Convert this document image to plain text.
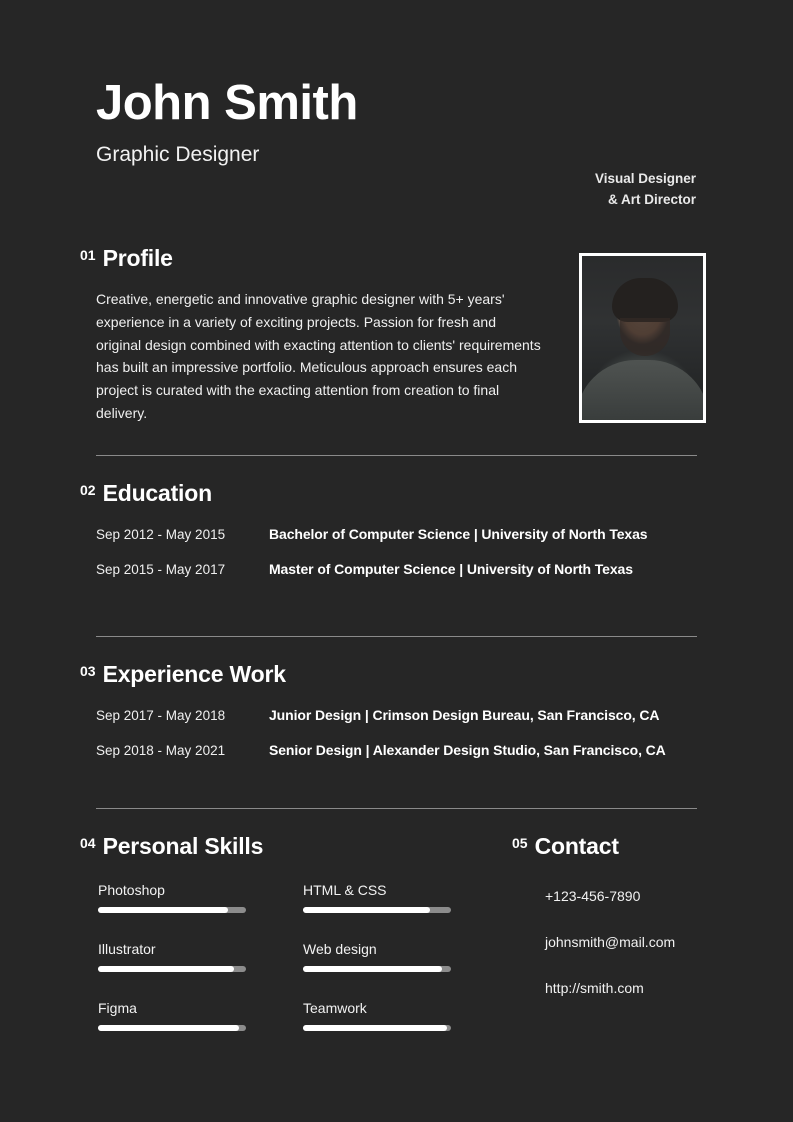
John Smith
Graphic Designer
Visual Designer
& Art Director
01 Profile
Creative, energetic and innovative graphic designer with 5+ years' experience in a variety of exciting projects. Passion for fresh and original design combined with exacting attention to clients' requirements has built an impressive portfolio. Meticulous approach ensures each project is curated with the exacting attention from creation to final delivery.
02 Education
Sep 2012 - May 2015	Bachelor of Computer Science | University of North Texas
Sep 2015 - May 2017	Master of Computer Science | University of North Texas
03 Experience Work
Sep 2017 - May 2018	Junior Design | Crimson Design Bureau, San Francisco, CA
Sep 2018 - May 2021	Senior Design | Alexander Design Studio, San Francisco, CA
04 Personal Skills
Photoshop	HTML & CSS
Illustrator	Web design
Figma	Teamwork
05 Contact
+123-456-7890
johnsmith@mail.com
http://smith.com
